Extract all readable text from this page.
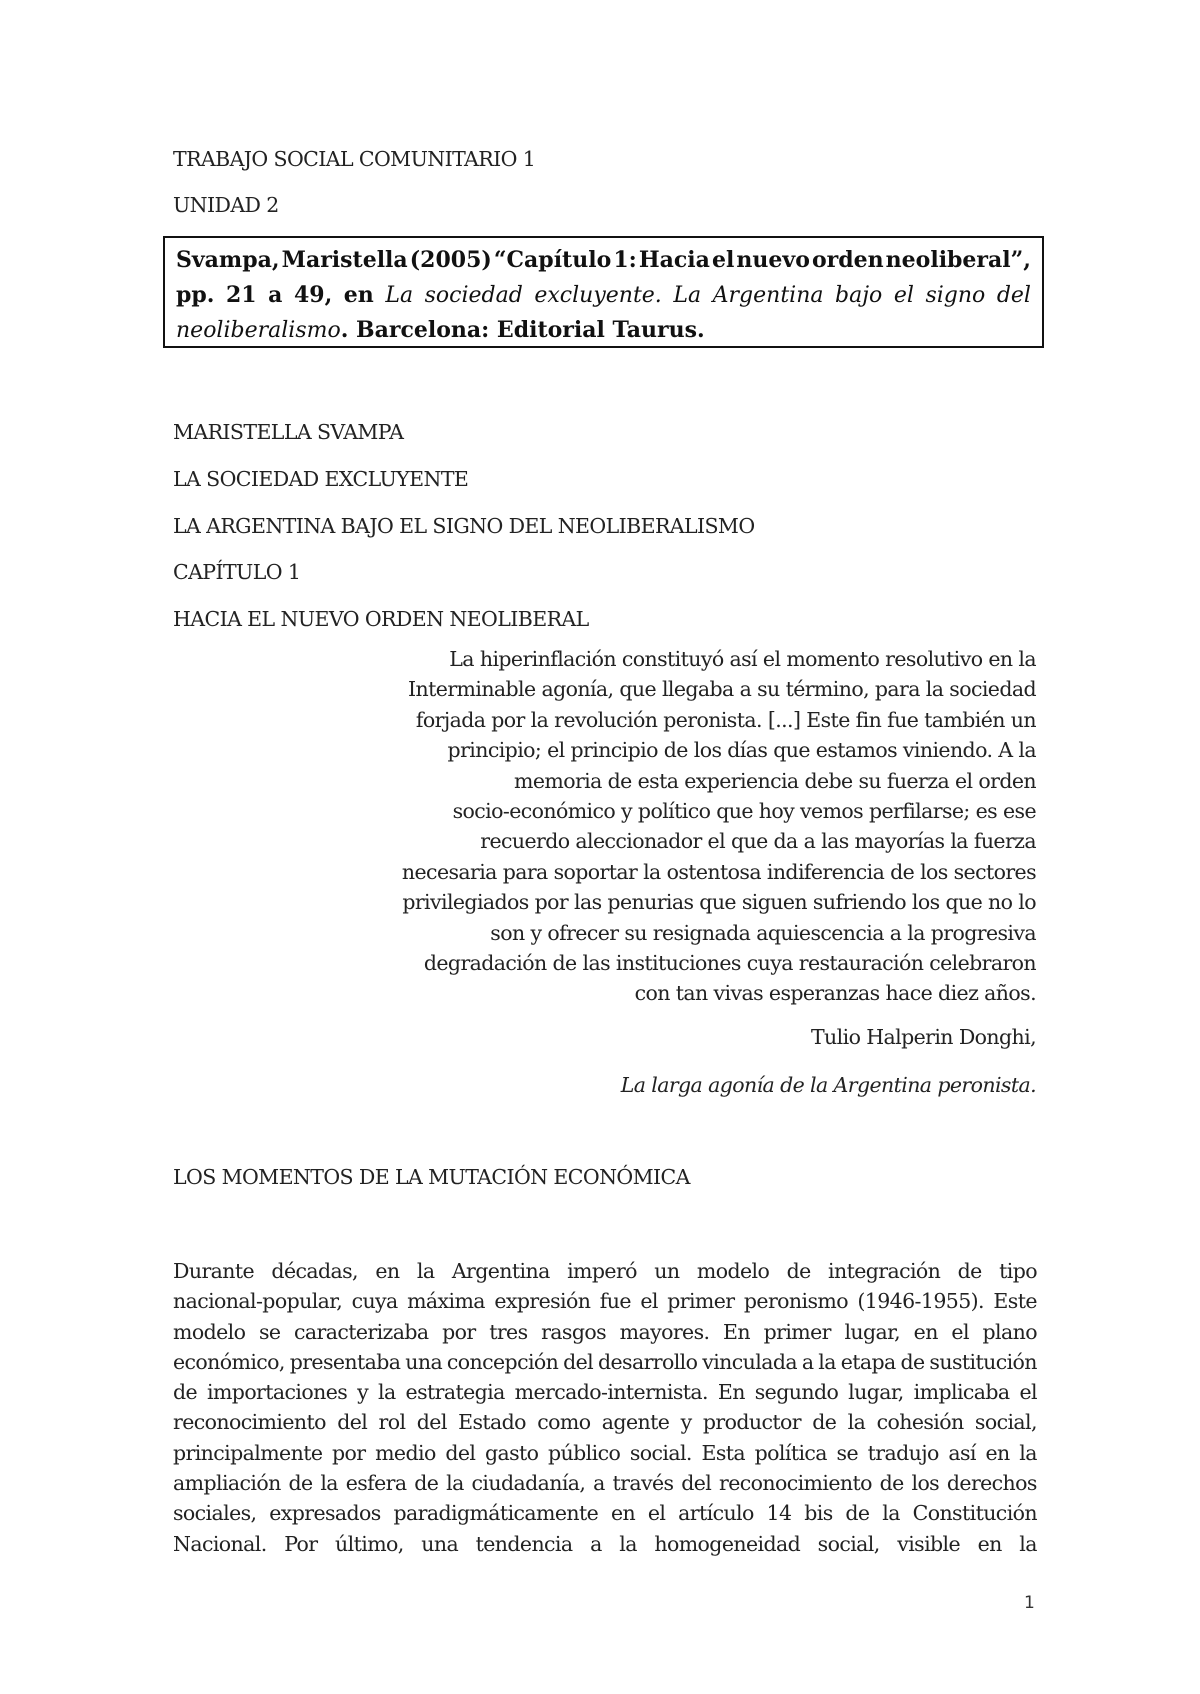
TRABAJO SOCIAL COMUNITARIO 1

UNIDAD 2

Svampa, Maristella (2005) “Capítulo 1: Hacia el nuevo orden neoliberal”,
pp. 21 a 49, en La sociedad excluyente. La Argentina bajo el signo del
neoliberalismo. Barcelona: Editorial Taurus.

MARISTELLA SVAMPA

LA SOCIEDAD EXCLUYENTE

LA ARGENTINA BAJO EL SIGNO DEL NEOLIBERALISMO

CAPÍTULO 1

HACIA EL NUEVO ORDEN NEOLIBERAL

La hiperinflación constituyó así el momento resolutivo en la
Interminable agonía, que llegaba a su término, para la sociedad
forjada por la revolución peronista. [...] Este fin fue también un
principio; el principio de los días que estamos viniendo. A la
memoria de esta experiencia debe su fuerza el orden
socio-económico y político que hoy vemos perfilarse; es ese
recuerdo aleccionador el que da a las mayorías la fuerza
necesaria para soportar la ostentosa indiferencia de los sectores
privilegiados por las penurias que siguen sufriendo los que no lo
son y ofrecer su resignada aquiescencia a la progresiva
degradación de las instituciones cuya restauración celebraron
con tan vivas esperanzas hace diez años.
Tulio Halperin Donghi,
La larga agonía de la Argentina peronista.
LOS MOMENTOS DE LA MUTACIÓN ECONÓMICA
Durante décadas, en la Argentina imperó un modelo de integración de tipo
nacional-popular, cuya máxima expresión fue el primer peronismo (1946-1955). Este
modelo se caracterizaba por tres rasgos mayores. En primer lugar, en el plano
económico, presentaba una concepción del desarrollo vinculada a la etapa de sustitución
de importaciones y la estrategia mercado-internista. En segundo lugar, implicaba el
reconocimiento del rol del Estado como agente y productor de la cohesión social,
principalmente por medio del gasto público social. Esta política se tradujo así en la
ampliación de la esfera de la ciudadanía, a través del reconocimiento de los derechos
sociales, expresados paradigmáticamente en el artículo 14 bis de la Constitución
Nacional. Por último, una tendencia a la homogeneidad social, visible en la
1
